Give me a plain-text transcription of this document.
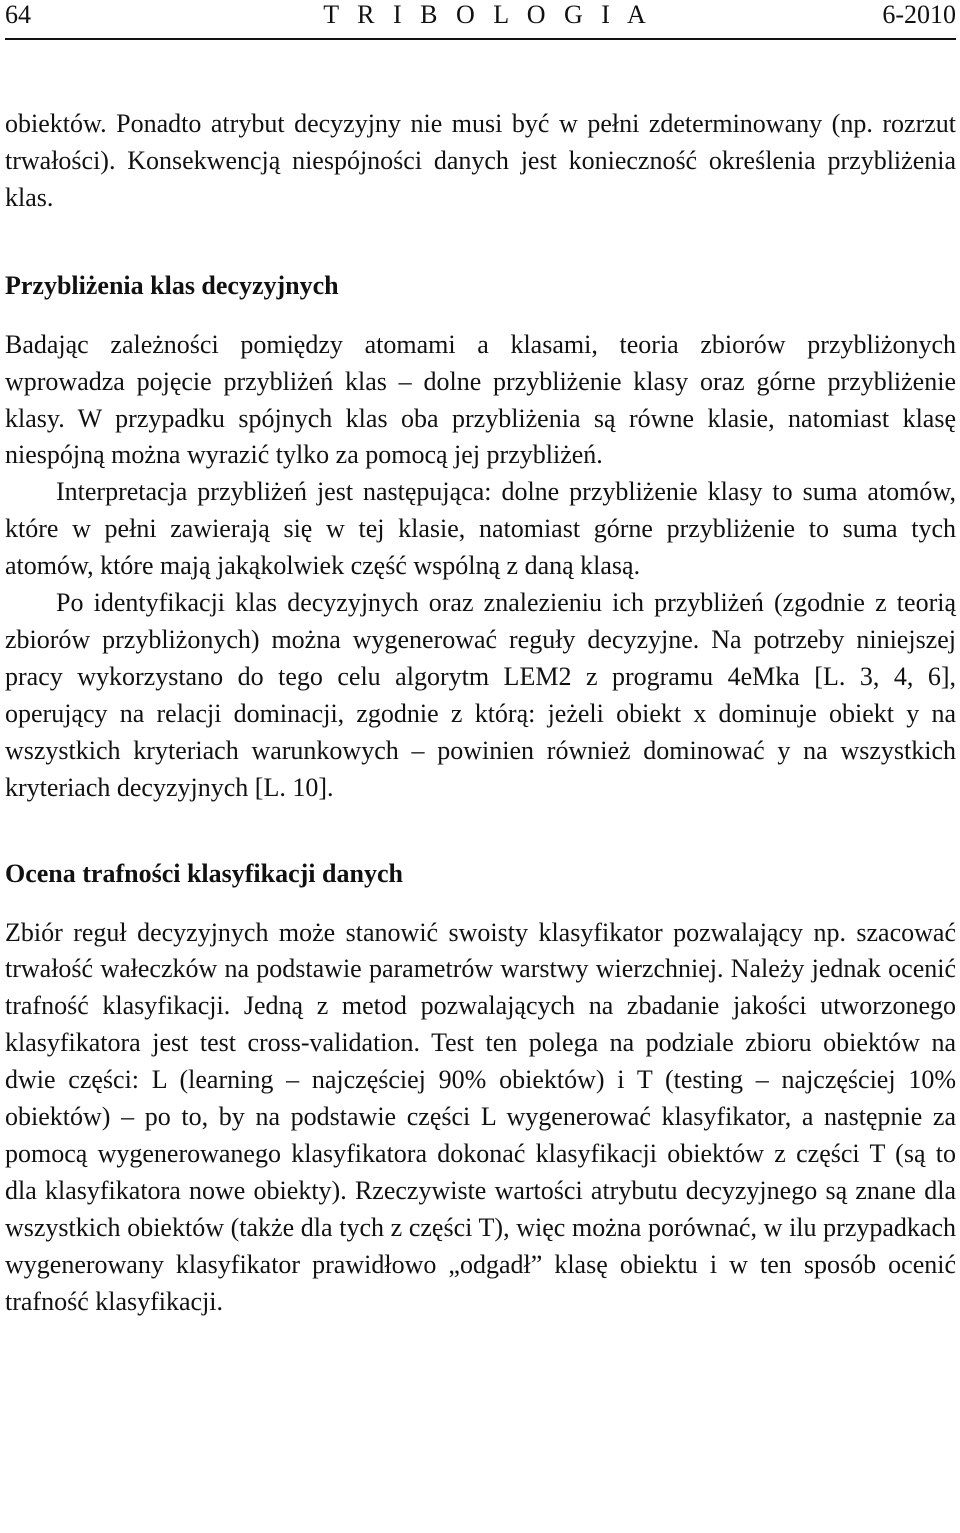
64	T R I B O L O G I A	6-2010

obiektów. Ponadto atrybut decyzyjny nie musi być w pełni zdeterminowany (np. rozrzut trwałości). Konsekwencją niespójności danych jest konieczność określenia przybliżenia klas.

Przybliżenia klas decyzyjnych

Badając zależności pomiędzy atomami a klasami, teoria zbiorów przybliżonych wprowadza pojęcie przybliżeń klas – dolne przybliżenie klasy oraz górne przybliżenie klasy. W przypadku spójnych klas oba przybliżenia są równe klasie, natomiast klasę niespójną można wyrazić tylko za pomocą jej przybliżeń.

Interpretacja przybliżeń jest następująca: dolne przybliżenie klasy to suma atomów, które w pełni zawierają się w tej klasie, natomiast górne przybliżenie to suma tych atomów, które mają jakąkolwiek część wspólną z daną klasą.

Po identyfikacji klas decyzyjnych oraz znalezieniu ich przybliżeń (zgodnie z teorią zbiorów przybliżonych) można wygenerować reguły decyzyjne. Na potrzeby niniejszej pracy wykorzystano do tego celu algorytm LEM2 z programu 4eMka [L. 3, 4, 6], operujący na relacji dominacji, zgodnie z którą: jeżeli obiekt x dominuje obiekt y na wszystkich kryteriach warunkowych – powinien również dominować y na wszystkich kryteriach decyzyjnych [L. 10].

Ocena trafności klasyfikacji danych

Zbiór reguł decyzyjnych może stanowić swoisty klasyfikator pozwalający np. szacować trwałość wałeczków na podstawie parametrów warstwy wierzchniej. Należy jednak ocenić trafność klasyfikacji. Jedną z metod pozwalających na zbadanie jakości utworzonego klasyfikatora jest test cross-validation. Test ten polega na podziale zbioru obiektów na dwie części: L (learning – najczęściej 90% obiektów) i T (testing – najczęściej 10% obiektów) – po to, by na podstawie części L wygenerować klasyfikator, a następnie za pomocą wygenerowanego klasyfikatora dokonać klasyfikacji obiektów z części T (są to dla klasyfikatora nowe obiekty). Rzeczywiste wartości atrybutu decyzyjnego są znane dla wszystkich obiektów (także dla tych z części T), więc można porównać, w ilu przypadkach wygenerowany klasyfikator prawidłowo „odgadł” klasę obiektu i w ten sposób ocenić trafność klasyfikacji.
